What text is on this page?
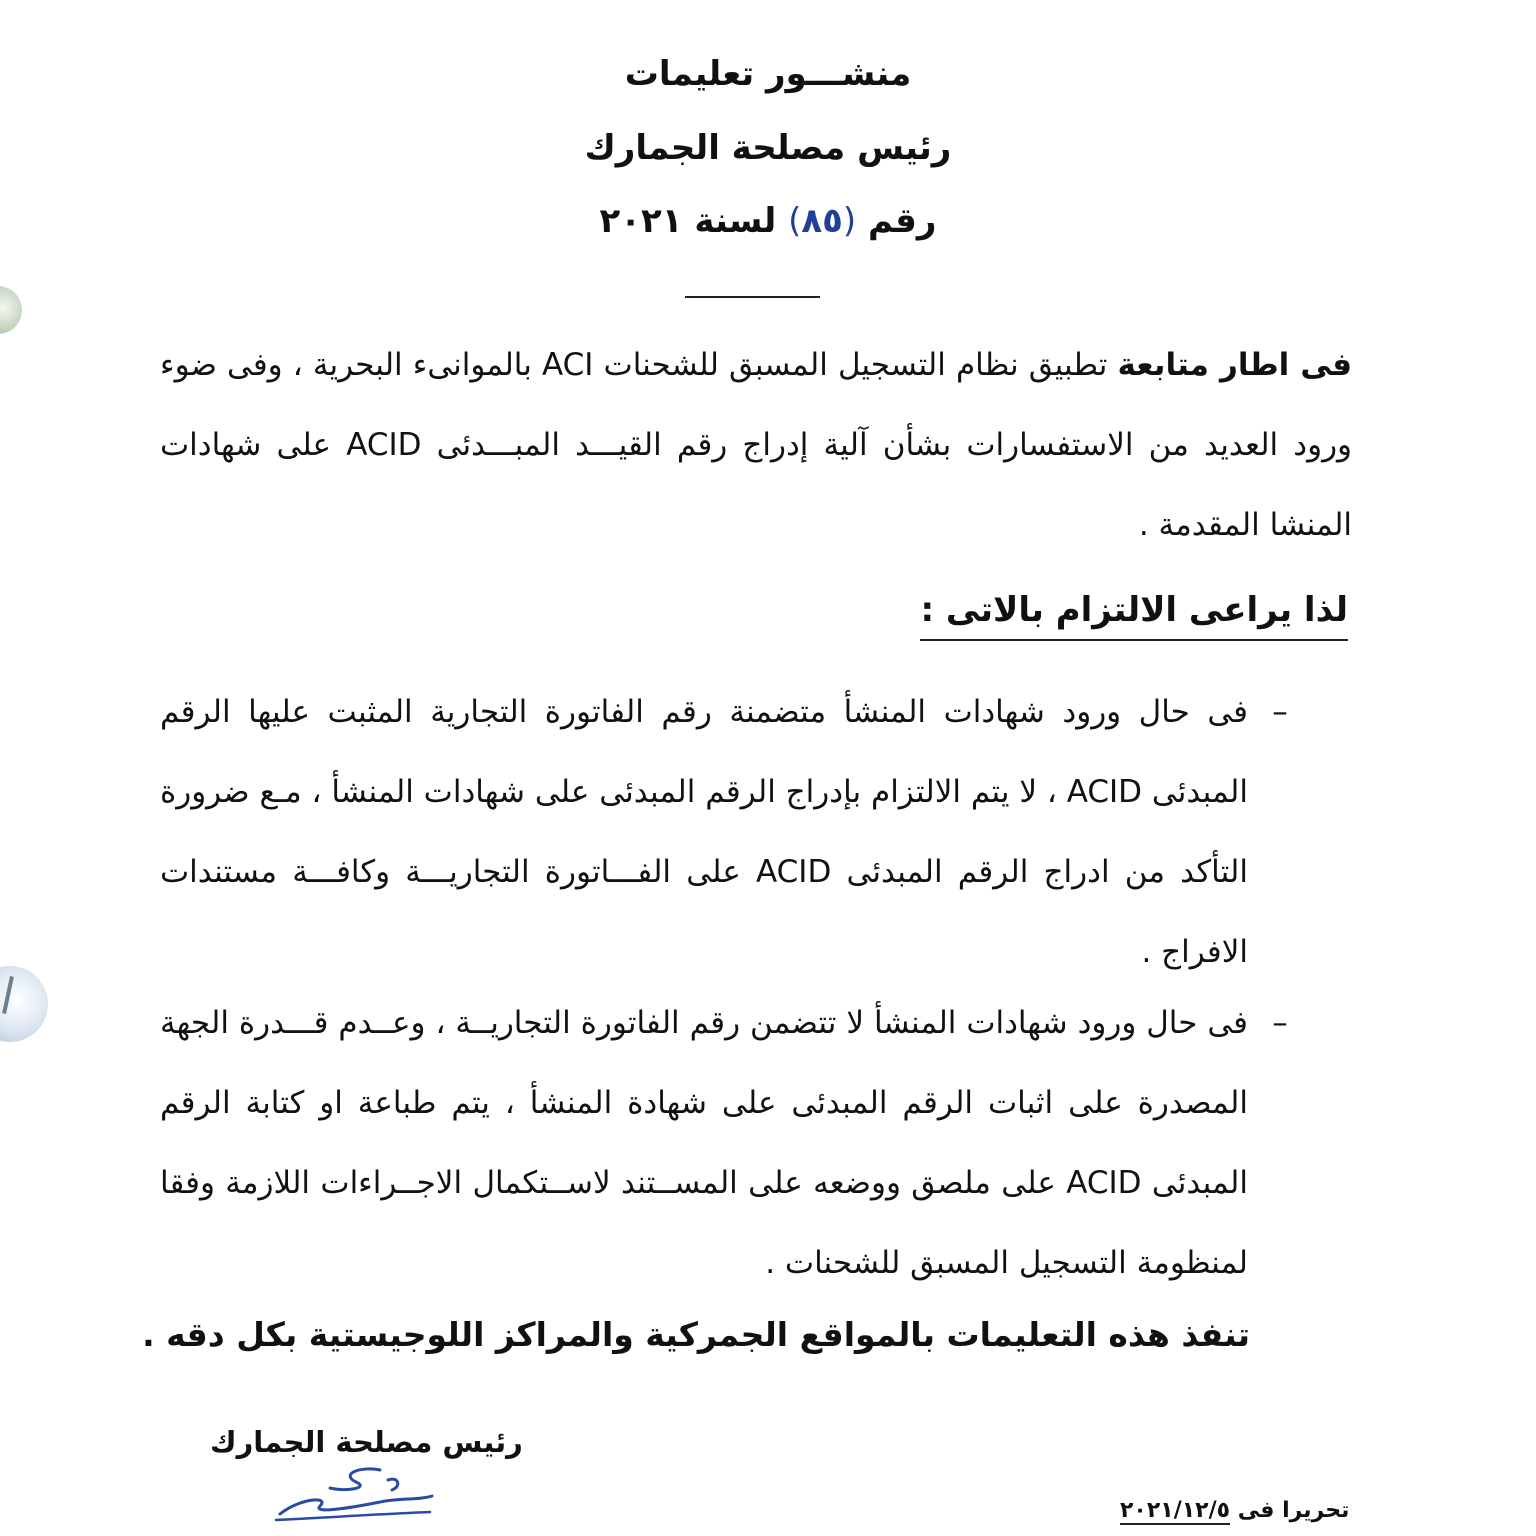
منشـــور تعليمات
رئيس مصلحة الجمارك
رقم (٨٥) لسنة ٢٠٢١
فى اطار متابعة تطبيق نظام التسجيل المسبق للشحنات ACI بالموانىء البحرية ، وفى ضوء ورود العديد من الاستفسارات بشأن آلية إدراج رقم القيـــد المبـــدئى ACID على شهادات المنشا المقدمة .
لذا يراعى الالتزام بالاتى :
–
فى حال ورود شهادات المنشأ متضمنة رقم الفاتورة التجارية المثبت عليها الرقم المبدئى ACID ، لا يتم الالتزام بإدراج الرقم المبدئى على شهادات المنشأ ، مـع ضرورة التأكد من ادراج الرقم المبدئى ACID على الفـــاتورة التجاريـــة وكافـــة مستندات الافراج .
–
فى حال ورود شهادات المنشأ لا تتضمن رقم الفاتورة التجاريــة ، وعــدم قـــدرة الجهة المصدرة على اثبات الرقم المبدئى على شهادة المنشأ ، يتم طباعة او كتابة الرقم المبدئى ACID على ملصق ووضعه على المســتند لاســتكمال الاجــراءات اللازمة وفقا لمنظومة التسجيل المسبق للشحنات .
تنفذ هذه التعليمات بالمواقع الجمركية والمراكز اللوجيستية بكل دقه .
رئيس مصلحة الجمارك
تحريرا فى ٢٠٢١/١٢/٥
